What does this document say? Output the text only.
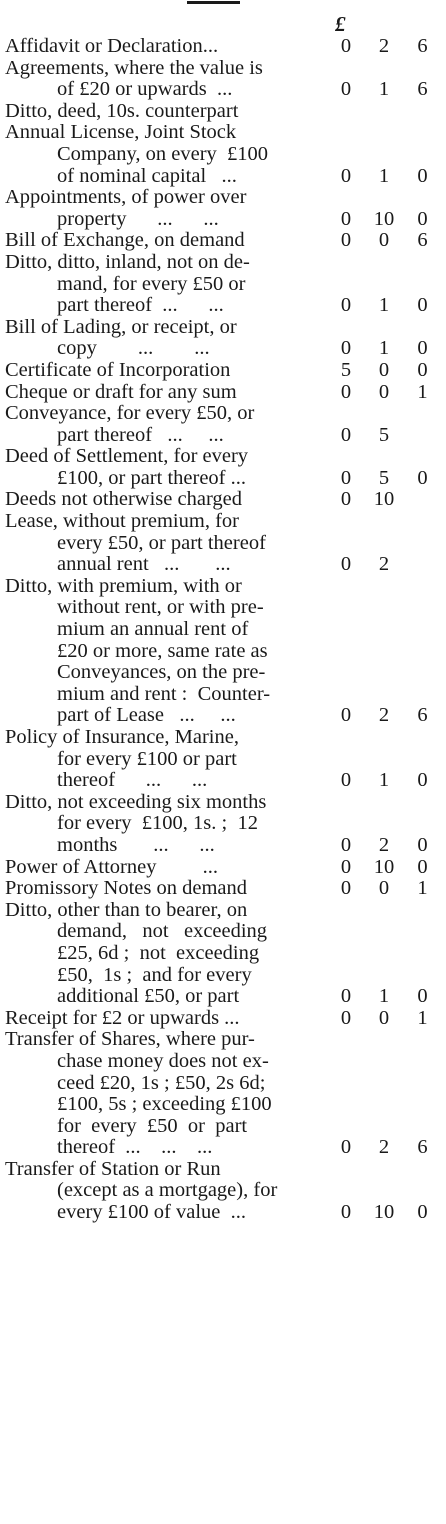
£
Affidavit or Declaration...	0	2	6
Agreements, where the value is
of £20 or upwards  ...	0	1	6
Ditto, deed, 10s. counterpart
Annual License, Joint Stock
Company, on every  £100
of nominal capital   ...	0	1	0
Appointments, of power over
property      ...      ...	0	10	0
Bill of Exchange, on demand	0	0	6
Ditto, ditto, inland, not on de-
mand, for every £50 or
part thereof  ...      ...	0	1	0
Bill of Lading, or receipt, or
copy        ...        ...	0	1	0
Certificate of Incorporation	5	0	0
Cheque or draft for any sum	0	0	1
Conveyance, for every £50, or
part thereof   ...     ...	0	5
Deed of Settlement, for every
£100, or part thereof ...	0	5	0
Deeds not otherwise charged	0	10
Lease, without premium, for
every £50, or part thereof
annual rent   ...       ...	0	2
Ditto, with premium, with or
without rent, or with pre-
mium an annual rent of
£20 or more, same rate as
Conveyances, on the pre-
mium and rent :  Counter-
part of Lease   ...     ...	0	2	6
Policy of Insurance, Marine,
for every £100 or part
thereof      ...      ...	0	1	0
Ditto, not exceeding six months
for every  £100, 1s. ;  12
months       ...      ...	0	2	0
Power of Attorney         ...	0	10	0
Promissory Notes on demand	0	0	1
Ditto, other than to bearer, on
demand,   not   exceeding
£25, 6d ;  not  exceeding
£50,  1s ;  and for every
additional £50, or part	0	1	0
Receipt for £2 or upwards ...	0	0	1
Transfer of Shares, where pur-
chase money does not ex-
ceed £20, 1s ; £50, 2s 6d;
£100, 5s ; exceeding £100
for  every  £50  or  part
thereof  ...    ...    ...	0	2	6
Transfer of Station or Run
(except as a mortgage), for
every £100 of value  ...	0	10	0
